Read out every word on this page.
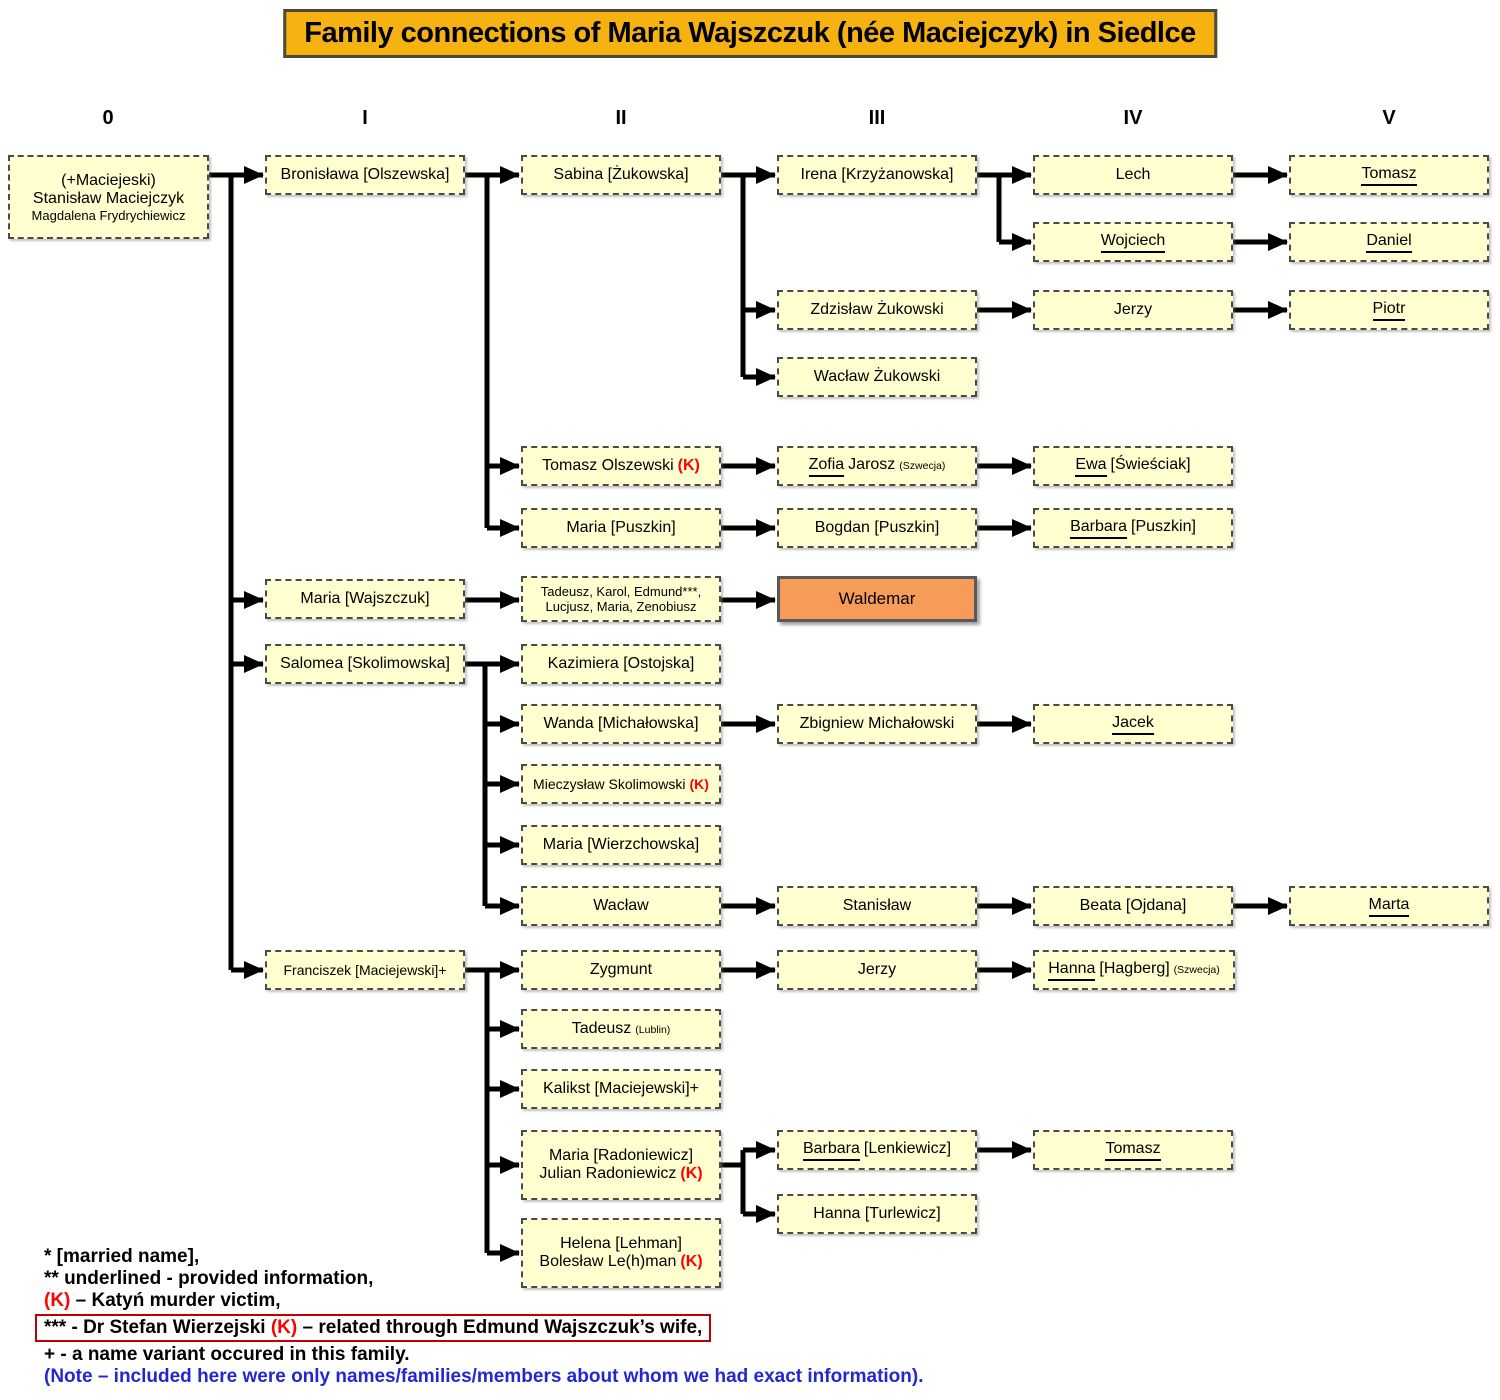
Family connections of Maria Wajszczuk (née Maciejczyk) in Siedlce
0	I	II	III	IV	V
(+Maciejeski)
Stanisław Maciejczyk
Magdalena Frydrychiewicz
Bronisława [Olszewska]
Maria [Wajszczuk]
Salomea [Skolimowska]
Franciszek [Maciejewski]+
Sabina [Żukowska]
Tomasz Olszewski (K)
Maria [Puszkin]
Tadeusz, Karol, Edmund***,
Lucjusz, Maria, Zenobiusz
Kazimiera [Ostojska]
Wanda [Michałowska]
Mieczysław Skolimowski (K)
Maria [Wierzchowska]
Wacław
Zygmunt
Tadeusz (Lublin)
Kalikst [Maciejewski]+
Maria [Radoniewicz]
Julian Radoniewicz (K)
Helena [Lehman]
Bolesław Le(h)man (K)
Irena [Krzyżanowska]
Zdzisław Żukowski
Wacław Żukowski
Zofia Jarosz (Szwecja)
Bogdan [Puszkin]
Waldemar
Zbigniew Michałowski
Stanisław
Jerzy
Barbara [Lenkiewicz]
Hanna [Turlewicz]
Lech
Wojciech
Jerzy
Ewa [Świeściak]
Barbara [Puszkin]
Jacek
Beata [Ojdana]
Hanna [Hagberg] (Szwecja)
Tomasz
Tomasz
Daniel
Piotr
Marta
* [married name],
** underlined - provided information,
(K) – Katyń murder victim,
*** - Dr Stefan Wierzejski (K) – related through Edmund Wajszczuk’s wife,
+ - a name variant occured in this family.
(Note – included here were only names/families/members about whom we had exact information).
